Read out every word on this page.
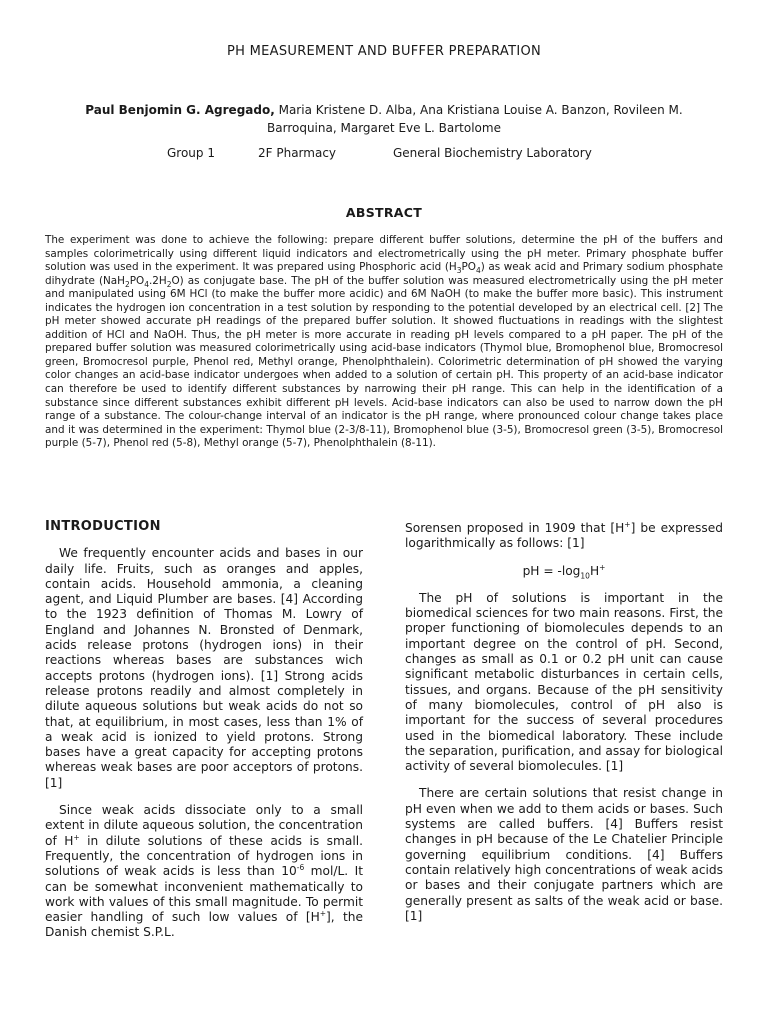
PH MEASUREMENT AND BUFFER PREPARATION
Paul Benjomin G. Agregado, Maria Kristene D. Alba, Ana Kristiana Louise A. Banzon, Rovileen M. Barroquina, Margaret Eve L. Bartolome
Group 1	2F Pharmacy	General Biochemistry Laboratory
ABSTRACT
The experiment was done to achieve the following: prepare different buffer solutions, determine the pH of the buffers and samples colorimetrically using different liquid indicators and electrometrically using the pH meter. Primary phosphate buffer solution was used in the experiment. It was prepared using Phosphoric acid $(H_3PO_4)$ as weak acid and Primary sodium phosphate dihydrate $(NaH_2PO_4.2H_2O)$ as conjugate base. The pH of the buffer solution was measured electrometrically using the pH meter and manipulated using 6M HCl (to make the buffer more acidic) and 6M NaOH (to make the buffer more basic). This instrument indicates the hydrogen ion concentration in a test solution by responding to the potential developed by an electrical cell. [2] The pH meter showed accurate pH readings of the prepared buffer solution. It showed fluctuations in readings with the slightest addition of HCl and NaOH. Thus, the pH meter is more accurate in reading pH levels compared to a pH paper. The pH of the prepared buffer solution was measured colorimetrically using acid-base indicators (Thymol blue, Bromophenol blue, Bromocresol green, Bromocresol purple, Phenol red, Methyl orange, Phenolphthalein). Colorimetric determination of pH showed the varying color changes an acid-base indicator undergoes when added to a solution of certain pH. This property of an acid-base indicator can therefore be used to identify different substances by narrowing their pH range. This can help in the identification of a substance since different substances exhibit different pH levels. Acid-base indicators can also be used to narrow down the pH range of a substance. The colour-change interval of an indicator is the pH range, where pronounced colour change takes place and it was determined in the experiment: Thymol blue (2-3/8-11), Bromophenol blue (3-5), Bromocresol green (3-5), Bromocresol purple (5-7), Phenol red (5-8), Methyl orange (5-7), Phenolphthalein (8-11).
INTRODUCTION

We frequently encounter acids and bases in our daily life. Fruits, such as oranges and apples, contain acids. Household ammonia, a cleaning agent, and Liquid Plumber are bases. [4] According to the 1923 definition of Thomas M. Lowry of England and Johannes N. Bronsted of Denmark, acids release protons (hydrogen ions) in their reactions whereas bases are substances wich accepts protons (hydrogen ions). [1] Strong acids release protons readily and almost completely in dilute aqueous solutions but weak acids do not so that, at equilibrium, in most cases, less than 1% of a weak acid is ionized to yield protons. Strong bases have a great capacity for accepting protons whereas weak bases are poor acceptors of protons. [1]

Since weak acids dissociate only to a small extent in dilute aqueous solution, the concentration of H+ in dilute solutions of these acids is small. Frequently, the concentration of hydrogen ions in solutions of weak acids is less than $10^{-6}$ mol/L. It can be somewhat inconvenient mathematically to work with values of this small magnitude. To permit easier handling of such low values of [H+], the Danish chemist S.P.L.

Sorensen proposed in 1909 that [H+] be expressed logarithmically as follows: [1]

pH = $-\log_{10}H^+$

The pH of solutions is important in the biomedical sciences for two main reasons. First, the proper functioning of biomolecules depends to an important degree on the control of pH. Second, changes as small as 0.1 or 0.2 pH unit can cause significant metabolic disturbances in certain cells, tissues, and organs. Because of the pH sensitivity of many biomolecules, control of pH also is important for the success of several procedures used in the biomedical laboratory. These include the separation, purification, and assay for biological activity of several biomolecules. [1]

There are certain solutions that resist change in pH even when we add to them acids or bases. Such systems are called buffers. [4] Buffers resist changes in pH because of the Le Chatelier Principle governing equilibrium conditions. [4] Buffers contain relatively high concentrations of weak acids or bases and their conjugate partners which are generally present as salts of the weak acid or base. [1]
